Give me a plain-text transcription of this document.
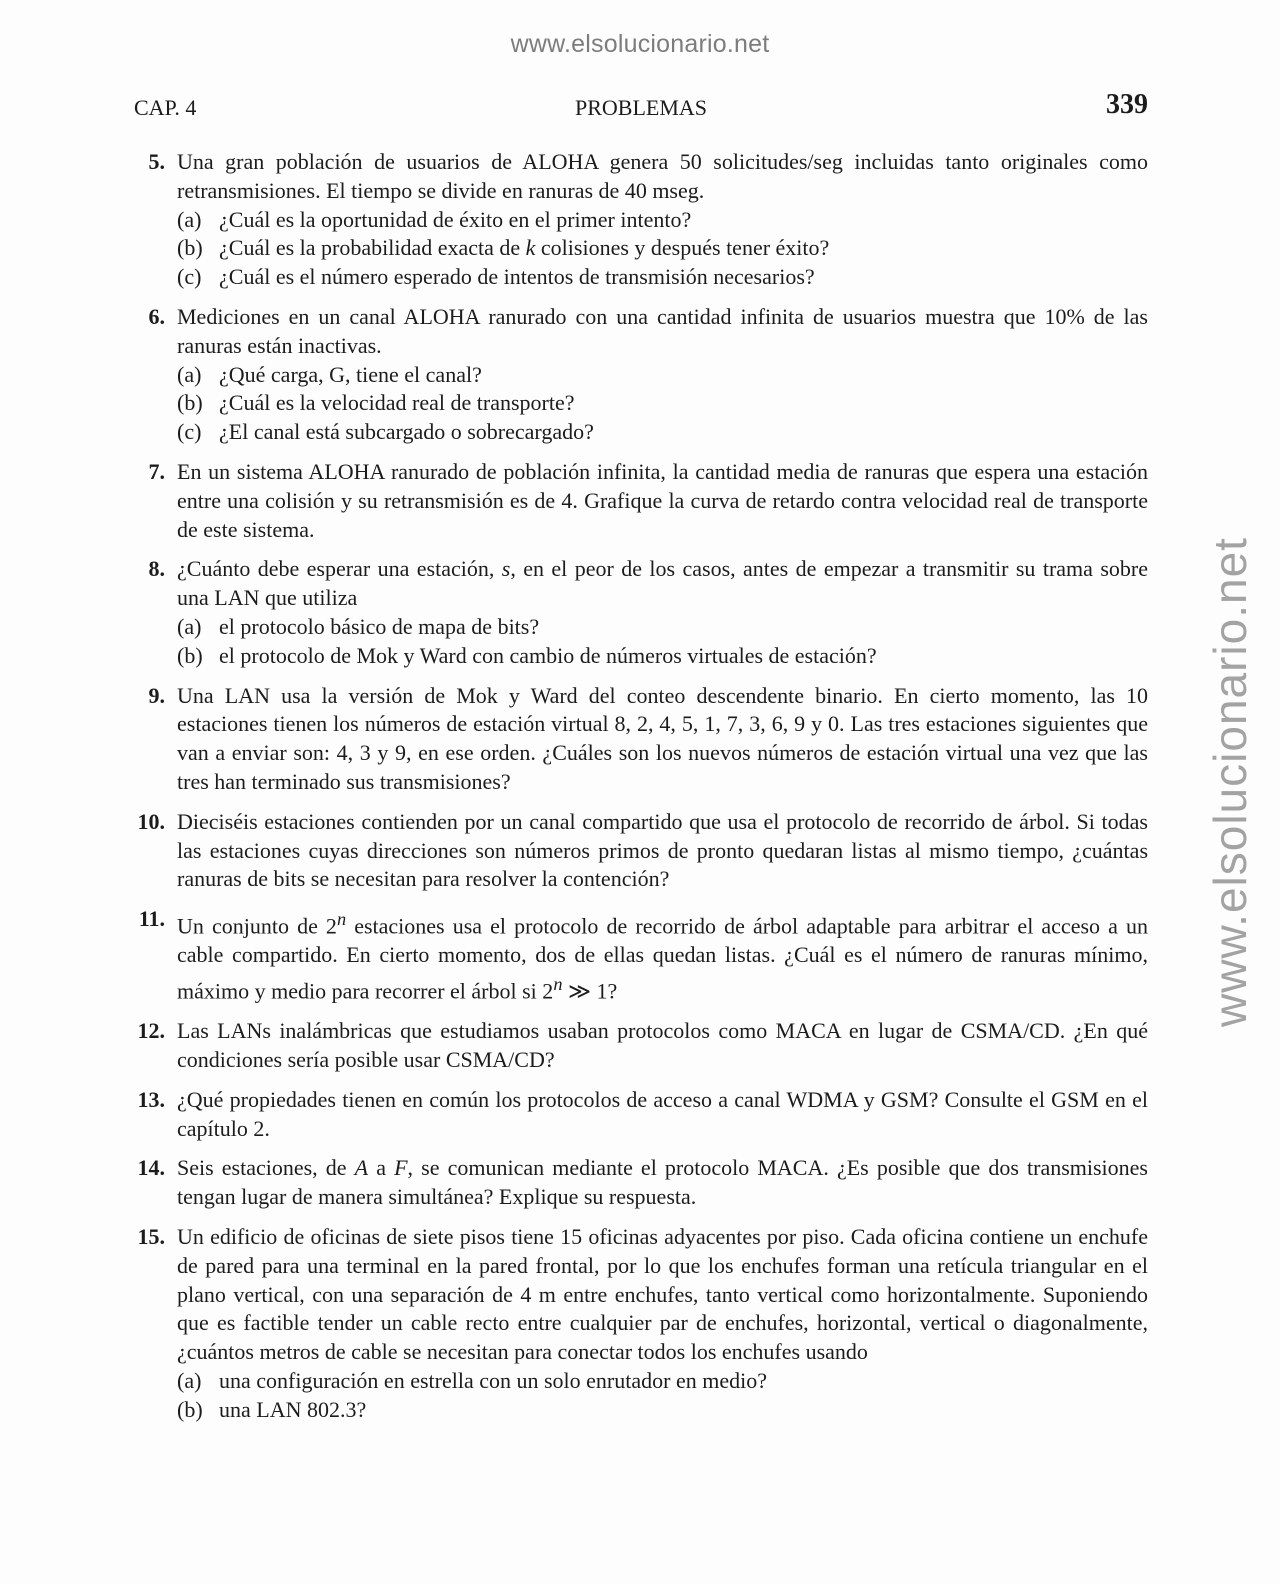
www.elsolucionario.net
www.elsolucionario.net
CAP. 4	PROBLEMAS	339
5. Una gran población de usuarios de ALOHA genera 50 solicitudes/seg incluidas tanto originales como retransmisiones. El tiempo se divide en ranuras de 40 mseg.
(a) ¿Cuál es la oportunidad de éxito en el primer intento?
(b) ¿Cuál es la probabilidad exacta de k colisiones y después tener éxito?
(c) ¿Cuál es el número esperado de intentos de transmisión necesarios?
6. Mediciones en un canal ALOHA ranurado con una cantidad infinita de usuarios muestra que 10% de las ranuras están inactivas.
(a) ¿Qué carga, G, tiene el canal?
(b) ¿Cuál es la velocidad real de transporte?
(c) ¿El canal está subcargado o sobrecargado?
7. En un sistema ALOHA ranurado de población infinita, la cantidad media de ranuras que espera una estación entre una colisión y su retransmisión es de 4. Grafique la curva de retardo contra velocidad real de transporte de este sistema.
8. ¿Cuánto debe esperar una estación, s, en el peor de los casos, antes de empezar a transmitir su trama sobre una LAN que utiliza
(a) el protocolo básico de mapa de bits?
(b) el protocolo de Mok y Ward con cambio de números virtuales de estación?
9. Una LAN usa la versión de Mok y Ward del conteo descendente binario. En cierto momento, las 10 estaciones tienen los números de estación virtual 8, 2, 4, 5, 1, 7, 3, 6, 9 y 0. Las tres estaciones siguientes que van a enviar son: 4, 3 y 9, en ese orden. ¿Cuáles son los nuevos números de estación virtual una vez que las tres han terminado sus transmisiones?
10. Dieciséis estaciones contienden por un canal compartido que usa el protocolo de recorrido de árbol. Si todas las estaciones cuyas direcciones son números primos de pronto quedaran listas al mismo tiempo, ¿cuántas ranuras de bits se necesitan para resolver la contención?
11. Un conjunto de 2$^n$ estaciones usa el protocolo de recorrido de árbol adaptable para arbitrar el acceso a un cable compartido. En cierto momento, dos de ellas quedan listas. ¿Cuál es el número de ranuras mínimo, máximo y medio para recorrer el árbol si 2$^n$ ≫ 1?
12. Las LANs inalámbricas que estudiamos usaban protocolos como MACA en lugar de CSMA/CD. ¿En qué condiciones sería posible usar CSMA/CD?
13. ¿Qué propiedades tienen en común los protocolos de acceso a canal WDMA y GSM? Consulte el GSM en el capítulo 2.
14. Seis estaciones, de A a F, se comunican mediante el protocolo MACA. ¿Es posible que dos transmisiones tengan lugar de manera simultánea? Explique su respuesta.
15. Un edificio de oficinas de siete pisos tiene 15 oficinas adyacentes por piso. Cada oficina contiene un enchufe de pared para una terminal en la pared frontal, por lo que los enchufes forman una retícula triangular en el plano vertical, con una separación de 4 m entre enchufes, tanto vertical como horizontalmente. Suponiendo que es factible tender un cable recto entre cualquier par de enchufes, horizontal, vertical o diagonalmente, ¿cuántos metros de cable se necesitan para conectar todos los enchufes usando
(a) una configuración en estrella con un solo enrutador en medio?
(b) una LAN 802.3?
